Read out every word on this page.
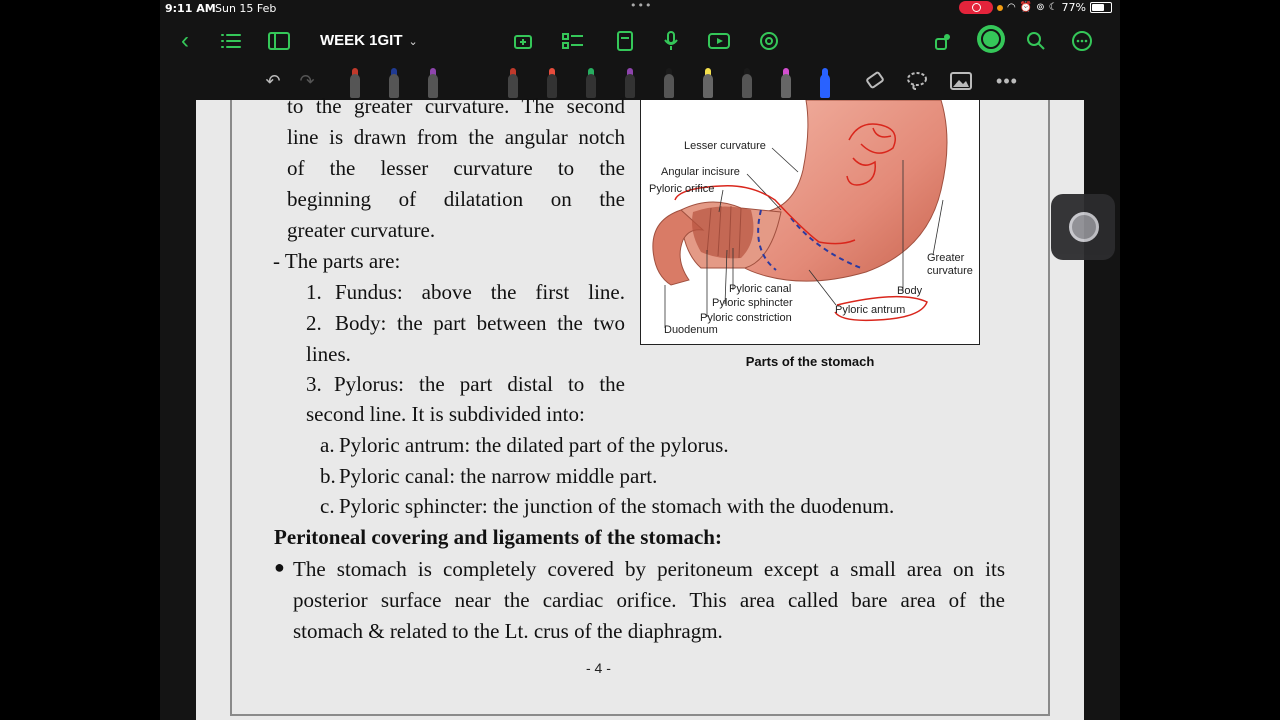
9:11 AM Sun 15 Feb	•••	◠ ⏰ ⊚ ☾ 77%
‹	WEEK 1GIT ⌄
↶	↷	•••
to the greater curvature. The second
line is drawn from the angular notch
of the lesser curvature to the
beginning of dilatation on the
greater curvature.
- The parts are:
1. Fundus: above the first line.
2. Body: the part between the two
lines.
3. Pylorus: the part distal to the
second line. It is subdivided into:
a. Pyloric antrum: the dilated part of the pylorus.
b. Pyloric canal: the narrow middle part.
c. Pyloric sphincter: the junction of the stomach with the duodenum.
Peritoneal covering and ligaments of the stomach:
● The stomach is completely covered by peritoneum except a small area on its
posterior surface near the cardiac orifice. This area called bare area of the
stomach & related to the Lt. crus of the diaphragm.
Lesser curvature
Angular incisure
Pyloric orifice
Greater
curvature
Pyloric canal
Pyloric sphincter
Body
Pyloric constriction
Pyloric antrum
Duodenum
Parts of the stomach
- 4 -
